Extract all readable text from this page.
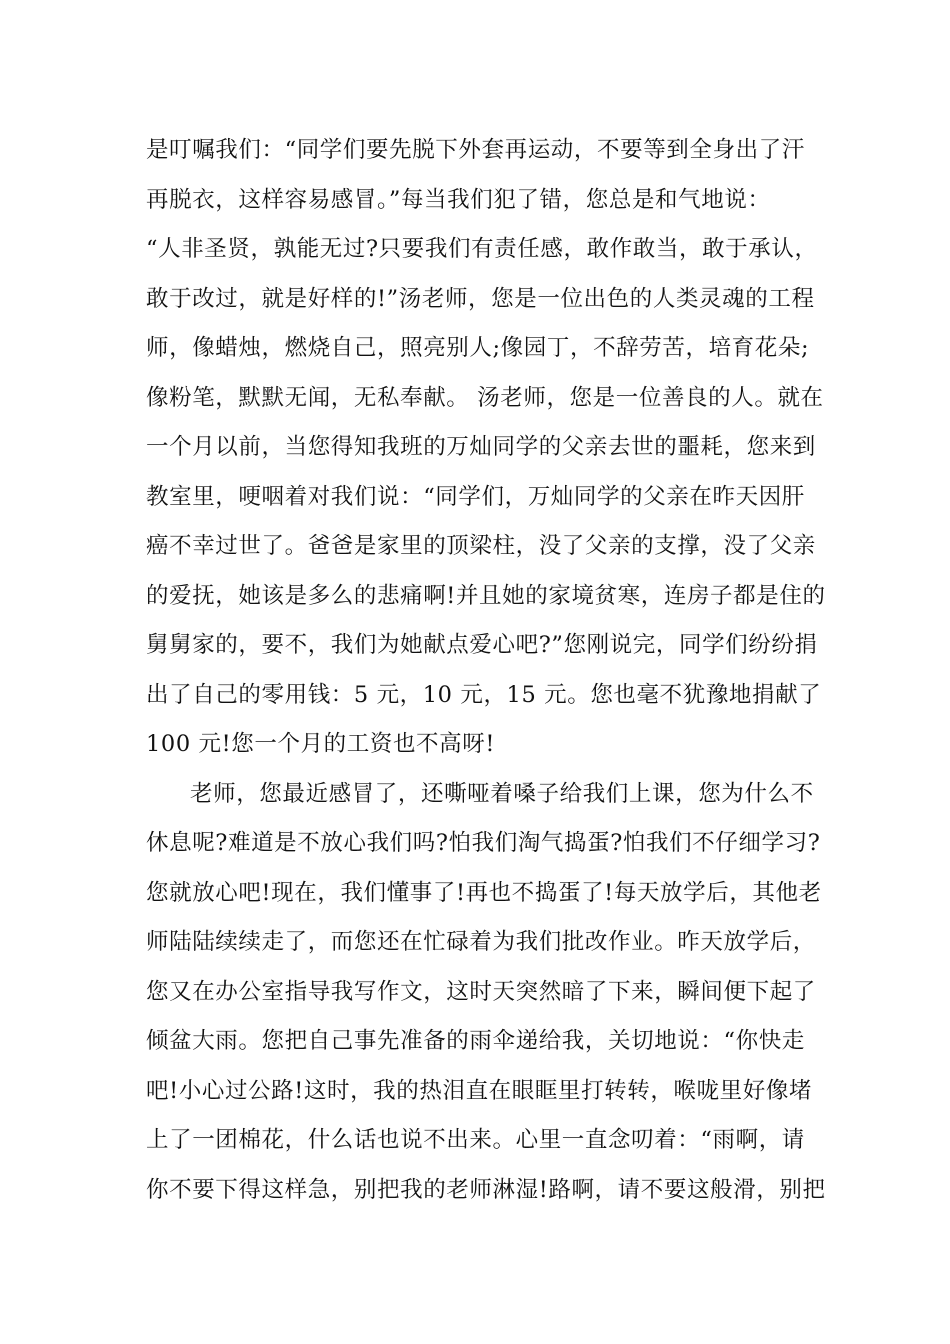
是叮嘱我们：“同学们要先脱下外套再运动，不要等到全身出了汗
再脱衣，这样容易感冒。”每当我们犯了错，您总是和气地说：
“人非圣贤，孰能无过?只要我们有责任感，敢作敢当，敢于承认，
敢于改过，就是好样的!”汤老师，您是一位出色的人类灵魂的工程
师，像蜡烛，燃烧自己，照亮别人;像园丁，不辞劳苦，培育花朵;
像粉笔，默默无闻，无私奉献。 汤老师，您是一位善良的人。就在
一个月以前，当您得知我班的万灿同学的父亲去世的噩耗，您来到
教室里，哽咽着对我们说：“同学们，万灿同学的父亲在昨天因肝
癌不幸过世了。爸爸是家里的顶梁柱，没了父亲的支撑，没了父亲
的爱抚，她该是多么的悲痛啊!并且她的家境贫寒，连房子都是住的
舅舅家的，要不，我们为她献点爱心吧?”您刚说完，同学们纷纷捐
出了自己的零用钱：5 元，10 元，15 元。您也毫不犹豫地捐献了
100 元!您一个月的工资也不高呀!
老师，您最近感冒了，还嘶哑着嗓子给我们上课，您为什么不
休息呢?难道是不放心我们吗?怕我们淘气捣蛋?怕我们不仔细学习?
您就放心吧!现在，我们懂事了!再也不捣蛋了!每天放学后，其他老
师陆陆续续走了，而您还在忙碌着为我们批改作业。昨天放学后，
您又在办公室指导我写作文，这时天突然暗了下来，瞬间便下起了
倾盆大雨。您把自己事先准备的雨伞递给我，关切地说：“你快走
吧!小心过公路!这时，我的热泪直在眼眶里打转转，喉咙里好像堵
上了一团棉花，什么话也说不出来。心里一直念叨着：“雨啊，请
你不要下得这样急，别把我的老师淋湿!路啊，请不要这般滑，别把
